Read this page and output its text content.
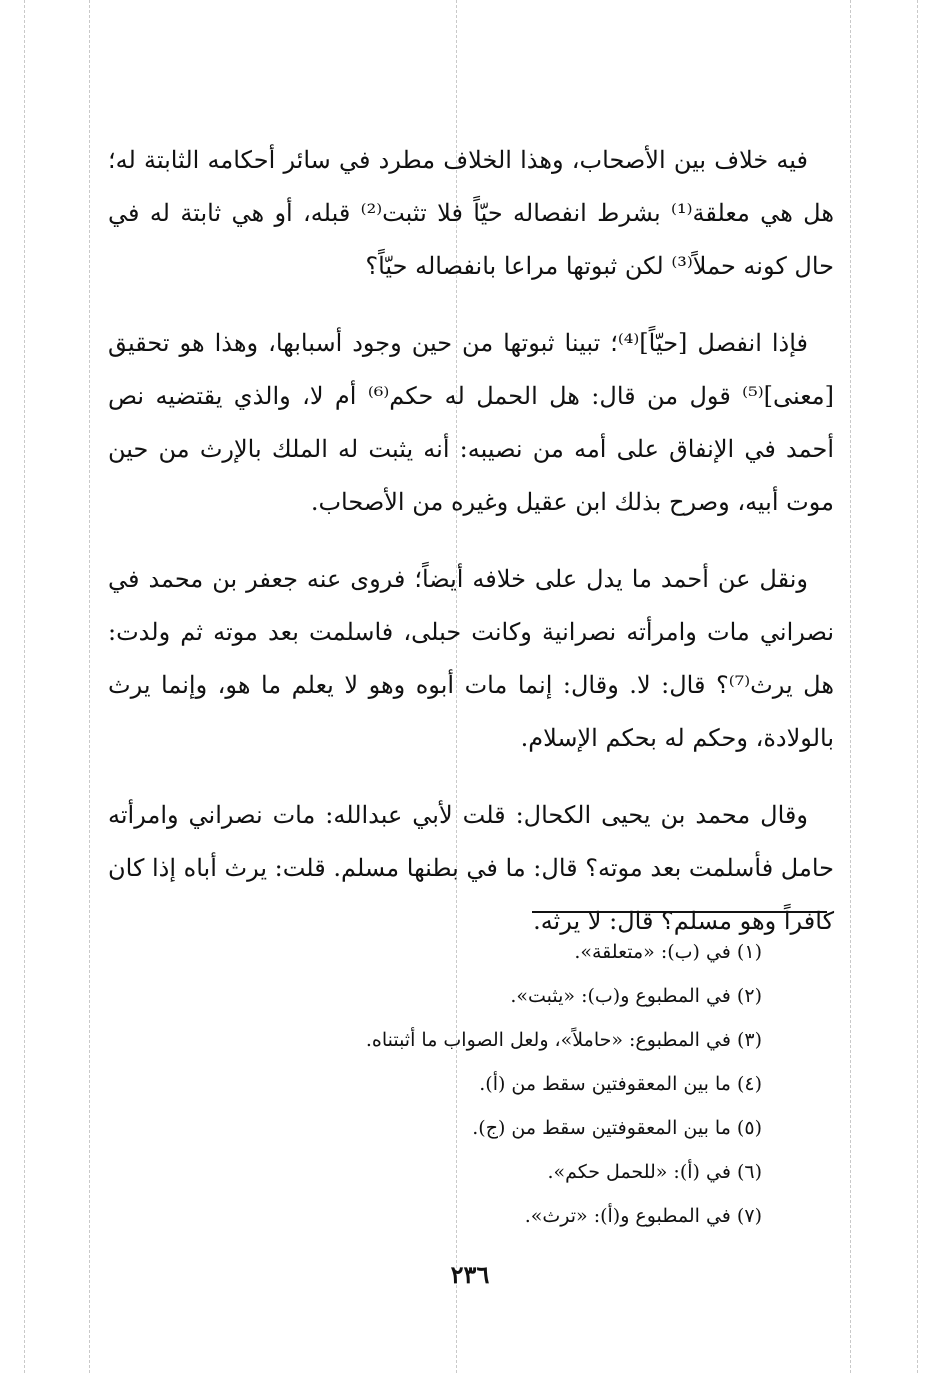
فيه خلاف بين الأصحاب، وهذا الخلاف مطرد في سائر أحكامه الثابتة له؛ هل هي معلقة⁽¹⁾ بشرط انفصاله حيّاً فلا تثبت⁽²⁾ قبله، أو هي ثابتة له في حال كونه حملاً⁽³⁾ لكن ثبوتها مراعا بانفصاله حيّاً؟

فإذا انفصل [حيّاً]⁽⁴⁾؛ تبينا ثبوتها من حين وجود أسبابها، وهذا هو تحقيق [معنى]⁽⁵⁾ قول من قال: هل الحمل له حكم⁽⁶⁾ أم لا، والذي يقتضيه نص أحمد في الإنفاق على أمه من نصيبه: أنه يثبت له الملك بالإرث من حين موت أبيه، وصرح بذلك ابن عقيل وغيره من الأصحاب.

ونقل عن أحمد ما يدل على خلافه أيضاً؛ فروى عنه جعفر بن محمد في نصراني مات وامرأته نصرانية وكانت حبلى، فاسلمت بعد موته ثم ولدت: هل يرث⁽⁷⁾؟ قال: لا. وقال: إنما مات أبوه وهو لا يعلم ما هو، وإنما يرث بالولادة، وحكم له بحكم الإسلام.

وقال محمد بن يحيى الكحال: قلت لأبي عبدالله: مات نصراني وامرأته حامل فأسلمت بعد موته؟ قال: ما في بطنها مسلم. قلت: يرث أباه إذا كان كافراً وهو مسلم؟ قال: لا يرثه.

(١) في (ب): «متعلقة».
(٢) في المطبوع و(ب): «يثبت».
(٣) في المطبوع: «حاملاً»، ولعل الصواب ما أثبتناه.
(٤) ما بين المعقوفتين سقط من (أ).
(٥) ما بين المعقوفتين سقط من (ج).
(٦) في (أ): «للحمل حكم».
(٧) في المطبوع و(أ): «ترث».
٢٣٦
